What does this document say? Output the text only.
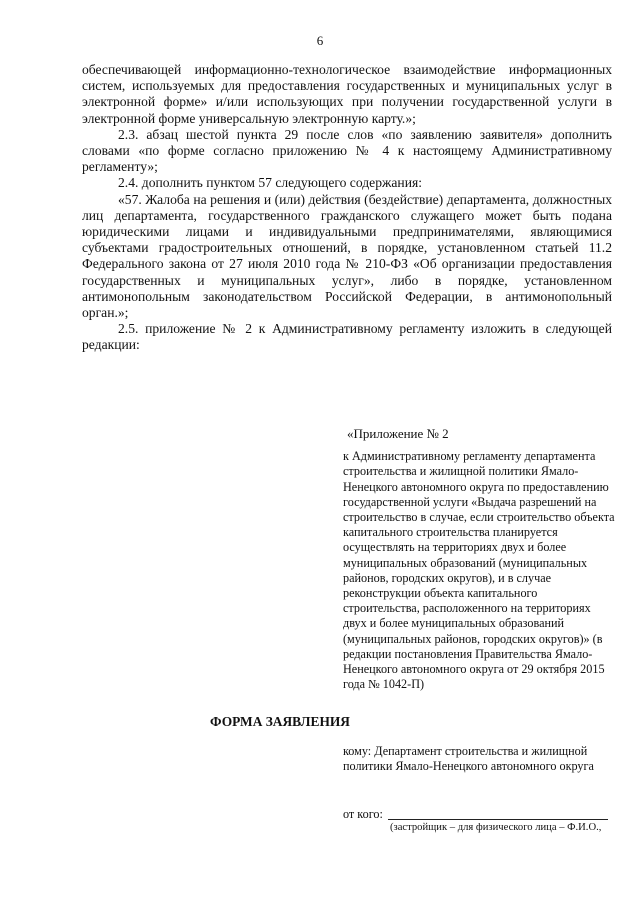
6

обеспечивающей информационно-технологическое взаимодействие информационных систем, используемых для предоставления государственных и муниципальных услуг в электронной форме» и/или использующих при получении государственной услуги в электронной форме универсальную электронную карту.»;

2.3. абзац шестой пункта 29 после слов «по заявлению заявителя» дополнить словами «по форме согласно приложению № 4 к настоящему Административному регламенту»;

2.4. дополнить пунктом 57 следующего содержания:

«57. Жалоба на решения и (или) действия (бездействие) департамента, должностных лиц департамента, государственного гражданского служащего может быть подана юридическими лицами и индивидуальными предпринимателями, являющимися субъектами градостроительных отношений, в порядке, установленном статьей 11.2 Федерального закона от 27 июля 2010 года № 210-ФЗ «Об организации предоставления государственных и муниципальных услуг», либо в порядке, установленном антимонопольным законодательством Российской Федерации, в антимонопольный орган.»;

2.5. приложение № 2 к Административному регламенту изложить в следующей редакции:

«Приложение № 2

к Административному регламенту департамента строительства и жилищной политики Ямало-Ненецкого автономного округа по предоставлению государственной услуги «Выдача разрешений на строительство в случае, если строительство объекта капитального строительства планируется осуществлять на территориях двух и более муниципальных образований (муниципальных районов, городских округов), и в случае реконструкции объекта капитального строительства, расположенного на территориях двух и более муниципальных образований (муниципальных районов, городских округов)» (в редакции постановления Правительства Ямало-Ненецкого автономного округа от 29 октября 2015 года № 1042-П)

ФОРМА ЗАЯВЛЕНИЯ
кому: Департамент строительства и жилищной политики Ямало-Ненецкого автономного округа
от кого:
(застройщик – для физического лица – Ф.И.О.,
